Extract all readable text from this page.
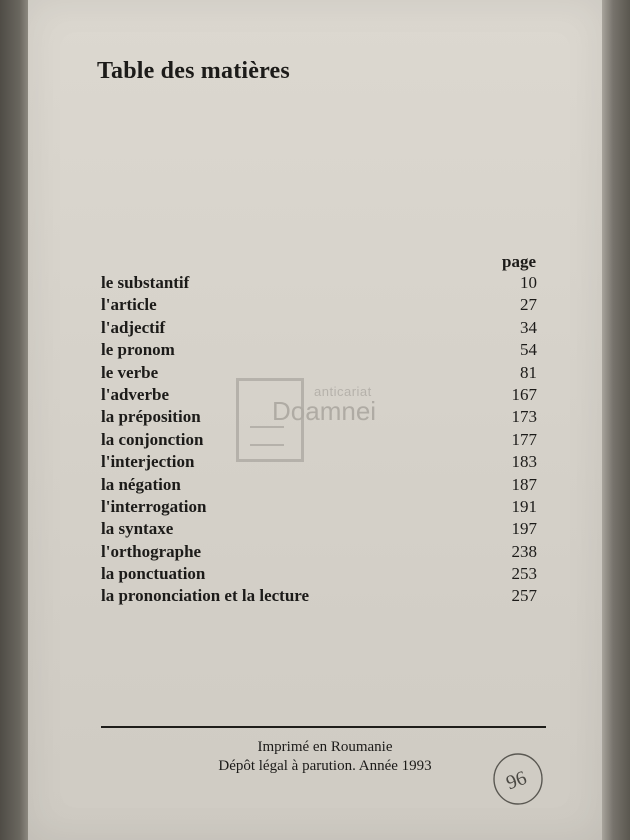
Table des matières
page
le substantif	10
l'article	27
l'adjectif	34
le pronom	54
le verbe	81
l'adverbe	167
la préposition	173
la conjonction	177
l'interjection	183
la négation	187
l'interrogation	191
la syntaxe	197
l'orthographe	238
la ponctuation	253
la prononciation et la lecture	257
anticariat
Doamnei
Imprimé en Roumanie
Dépôt légal à parution. Année 1993
96
